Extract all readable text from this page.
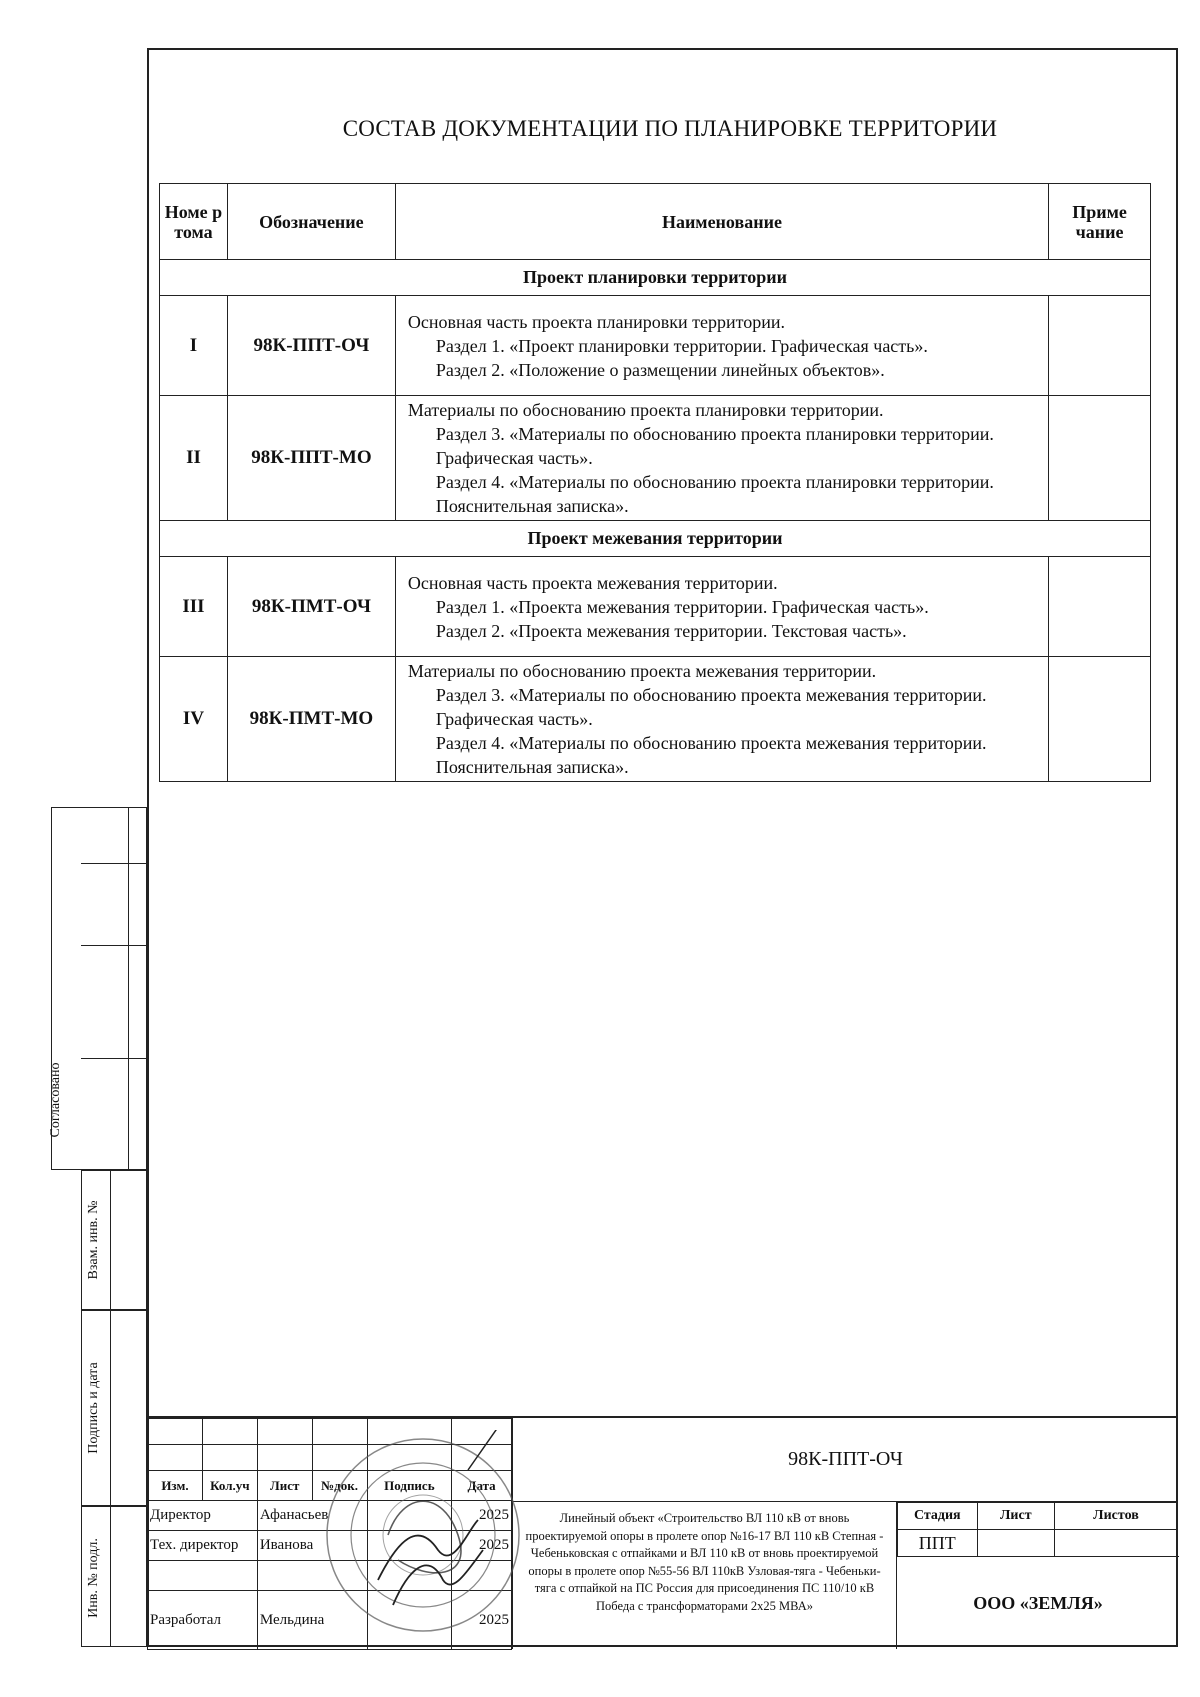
СОСТАВ ДОКУМЕНТАЦИИ ПО ПЛАНИРОВКЕ ТЕРРИТОРИИ
Номе р тома	Обозначение	Наименование	Приме чание
Проект планировки территории			
I	98К-ППТ-ОЧ	Основная часть проекта планировки территории.
Раздел 1. «Проект планировки территории. Графическая часть».
Раздел 2. «Положение о размещении линейных объектов».	

II	98К-ППТ-МО	Материалы по обоснованию проекта планировки территории.
Раздел 3. «Материалы по обоснованию проекта планировки территории. Графическая часть».
Раздел 4. «Материалы по обоснованию проекта планировки территории. Пояснительная записка».	

Проект межевания территории			
III	98К-ПМТ-ОЧ	Основная часть проекта межевания территории.
Раздел 1. «Проекта межевания территории. Графическая часть».
Раздел 2. «Проекта межевания территории. Текстовая часть».	

IV	98К-ПМТ-МО	Материалы по обоснованию проекта межевания территории.
Раздел 3. «Материалы по обоснованию проекта межевания территории. Графическая часть».
Раздел 4. «Материалы по обоснованию проекта межевания территории. Пояснительная записка».	

Согласовано
Взам. инв. №
Подпись и дата
Инв. № подл.

Изм.	Кол.уч	Лист	№док.	Подпись	Дата
Директор		Афанасьев			2025
Тех. директор		Иванова			2025

Разработал		Мельдина			2025
98К-ППТ-ОЧ
Линейный объект «Строительство ВЛ 110 кВ от вновь проектируемой опоры в пролете опор №16-17 ВЛ 110 кВ Степная - Чебеньковская с отпайками и ВЛ 110 кВ от вновь проектируемой опоры в пролете опор №55-56 ВЛ 110кВ Узловая-тяга - Чебеньки-тяга с отпайкой на ПС Россия для присоединения ПС 110/10 кВ Победа с трансформаторами 2х25 МВА»
Стадия	Лист	Листов
ППТ		
ООО «ЗЕМЛЯ»
